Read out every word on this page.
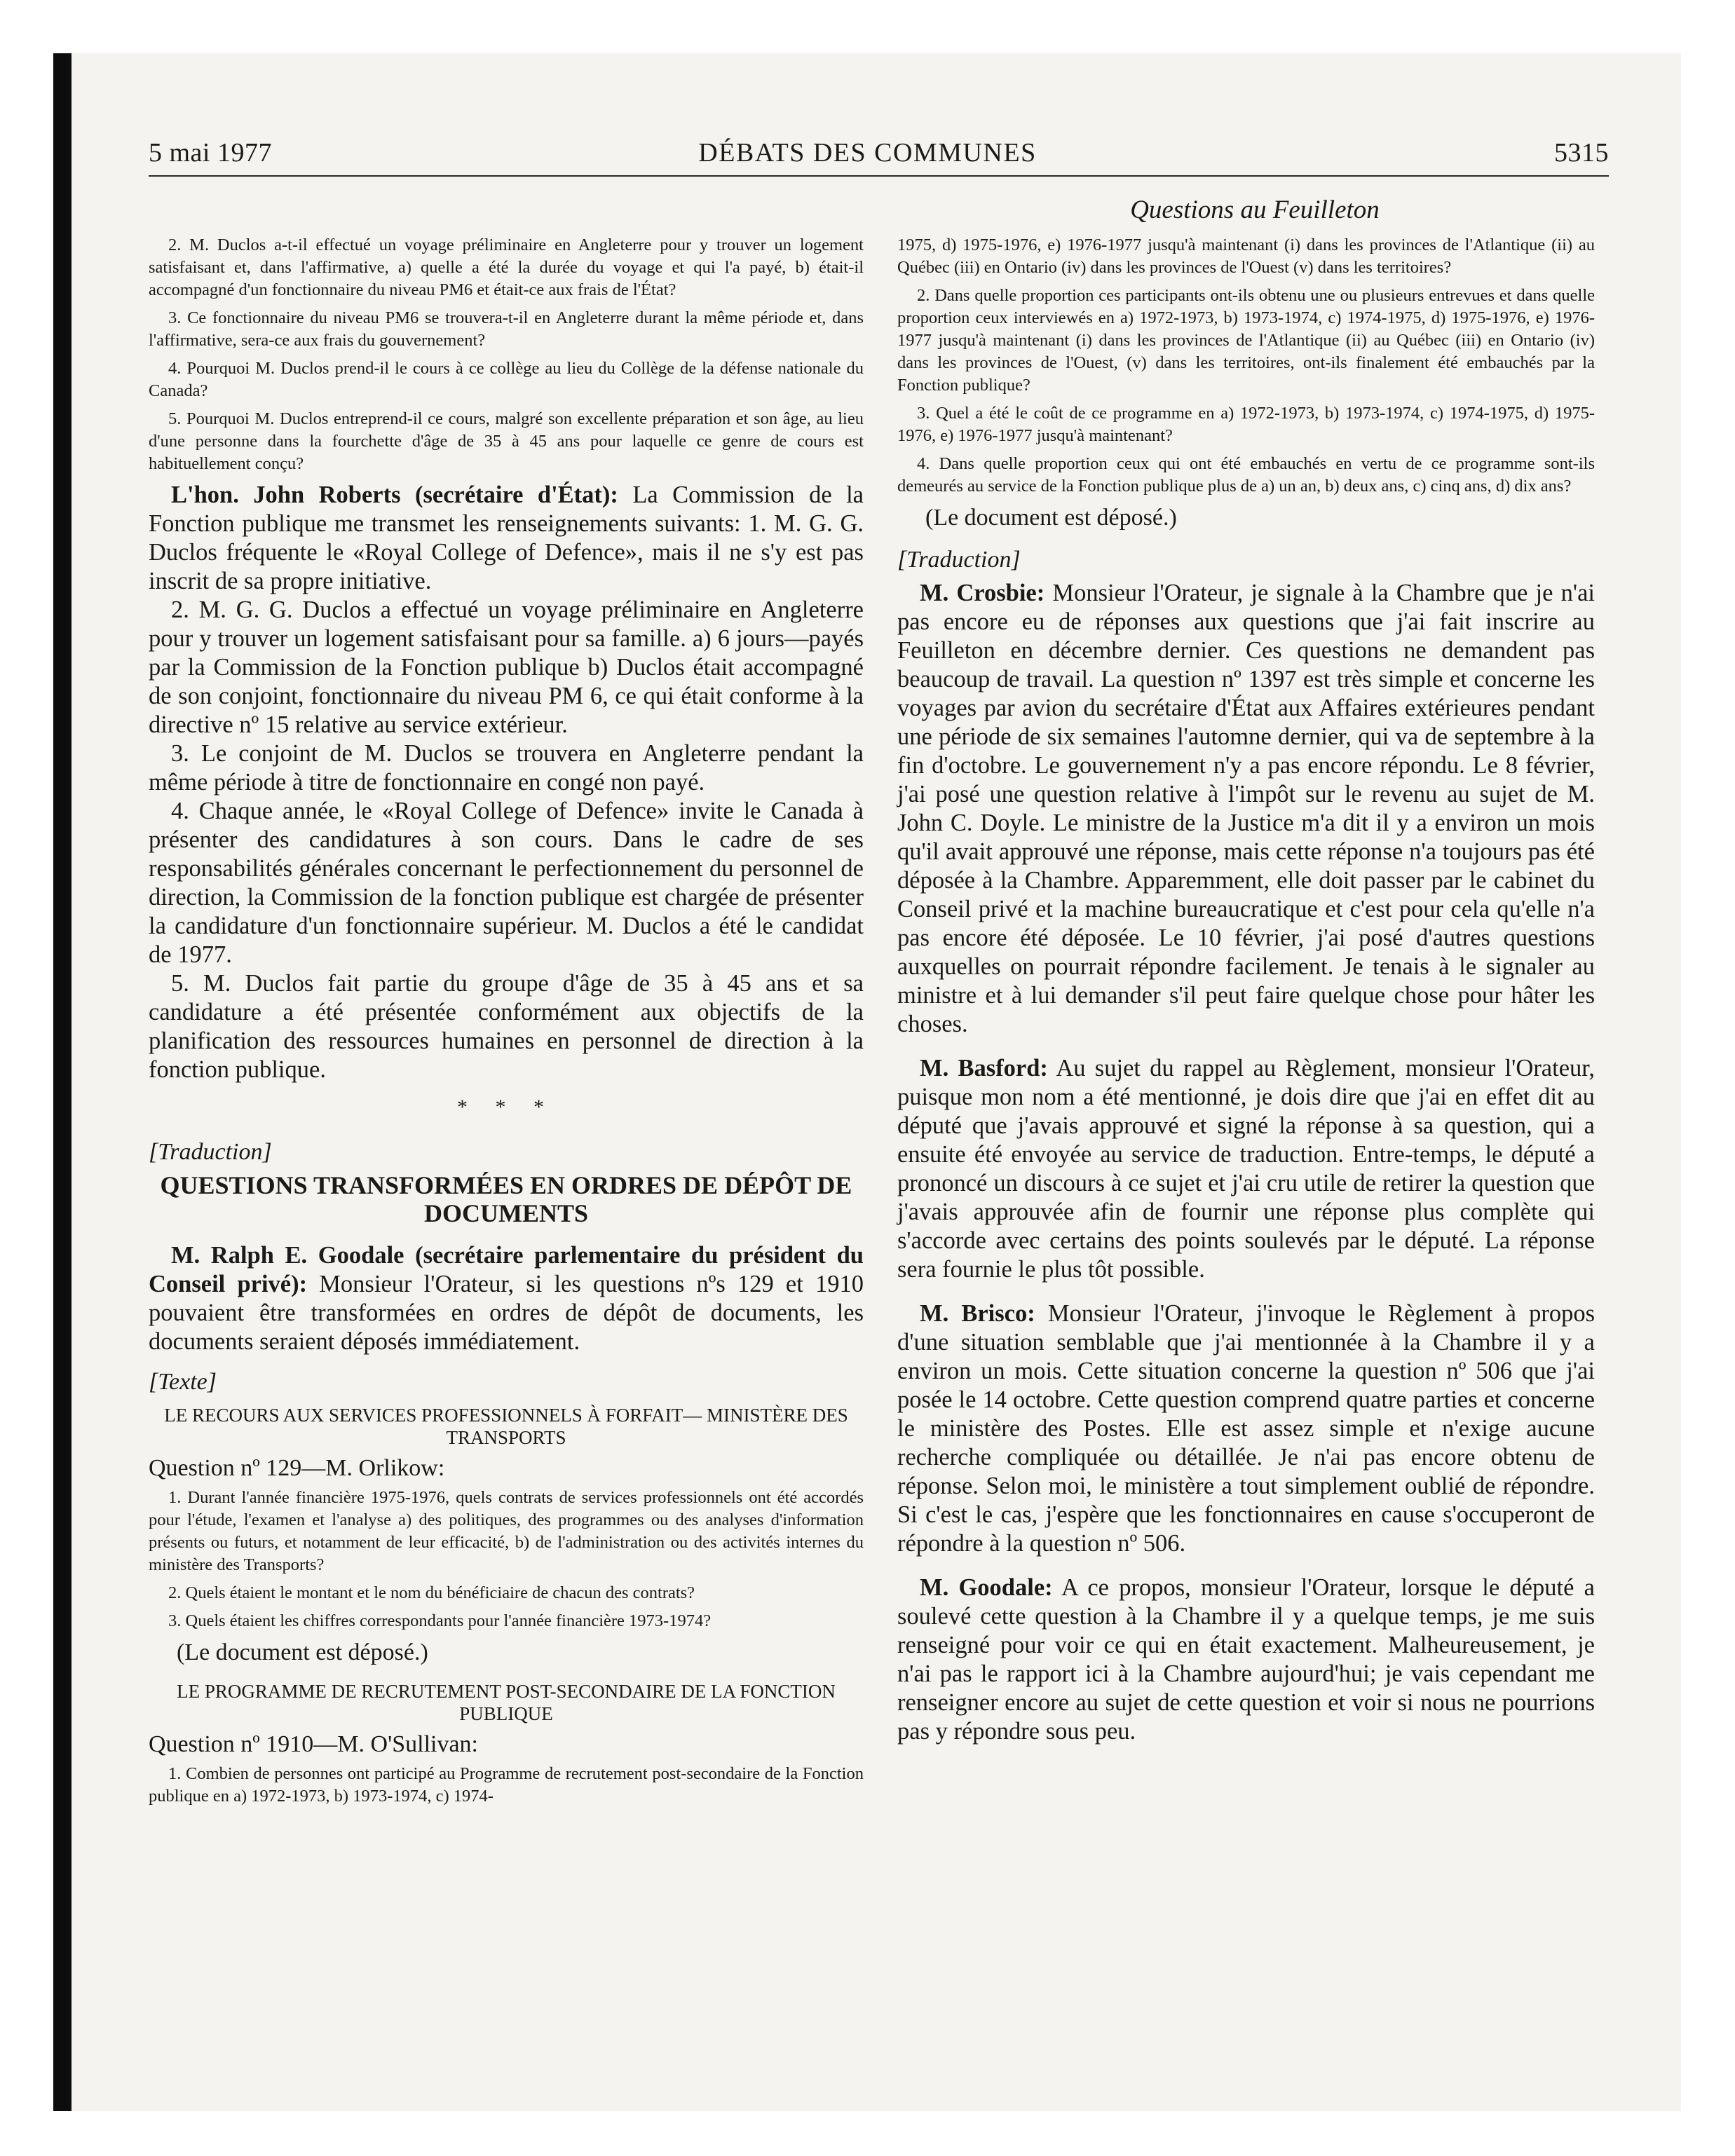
5 mai 1977	DÉBATS DES COMMUNES	5315
Questions au Feuilleton

2. M. Duclos a-t-il effectué un voyage préliminaire en Angleterre pour y trouver un logement satisfaisant et, dans l'affirmative, a) quelle a été la durée du voyage et qui l'a payé, b) était-il accompagné d'un fonctionnaire du niveau PM6 et était-ce aux frais de l'État?

3. Ce fonctionnaire du niveau PM6 se trouvera-t-il en Angleterre durant la même période et, dans l'affirmative, sera-ce aux frais du gouvernement?

4. Pourquoi M. Duclos prend-il le cours à ce collège au lieu du Collège de la défense nationale du Canada?

5. Pourquoi M. Duclos entreprend-il ce cours, malgré son excellente préparation et son âge, au lieu d'une personne dans la fourchette d'âge de 35 à 45 ans pour laquelle ce genre de cours est habituellement conçu?

L'hon. John Roberts (secrétaire d'État): La Commission de la Fonction publique me transmet les renseignements suivants: 1. M. G. G. Duclos fréquente le «Royal College of Defence», mais il ne s'y est pas inscrit de sa propre initiative.

2. M. G. G. Duclos a effectué un voyage préliminaire en Angleterre pour y trouver un logement satisfaisant pour sa famille. a) 6 jours—payés par la Commission de la Fonction publique b) Duclos était accompagné de son conjoint, fonctionnaire du niveau PM 6, ce qui était conforme à la directive nº 15 relative au service extérieur.

3. Le conjoint de M. Duclos se trouvera en Angleterre pendant la même période à titre de fonctionnaire en congé non payé.

4. Chaque année, le «Royal College of Defence» invite le Canada à présenter des candidatures à son cours. Dans le cadre de ses responsabilités générales concernant le perfectionnement du personnel de direction, la Commission de la fonction publique est chargée de présenter la candidature d'un fonctionnaire supérieur. M. Duclos a été le candidat de 1977.

5. M. Duclos fait partie du groupe d'âge de 35 à 45 ans et sa candidature a été présentée conformément aux objectifs de la planification des ressources humaines en personnel de direction à la fonction publique.

* * *

[Traduction]

QUESTIONS TRANSFORMÉES EN ORDRES DE DÉPÔT DE DOCUMENTS

M. Ralph E. Goodale (secrétaire parlementaire du président du Conseil privé): Monsieur l'Orateur, si les questions nºs 129 et 1910 pouvaient être transformées en ordres de dépôt de documents, les documents seraient déposés immédiatement.

[Texte]

LE RECOURS AUX SERVICES PROFESSIONNELS À FORFAIT— MINISTÈRE DES TRANSPORTS

Question nº 129—M. Orlikow:

1. Durant l'année financière 1975-1976, quels contrats de services professionnels ont été accordés pour l'étude, l'examen et l'analyse a) des politiques, des programmes ou des analyses d'information présents ou futurs, et notamment de leur efficacité, b) de l'administration ou des activités internes du ministère des Transports?

2. Quels étaient le montant et le nom du bénéficiaire de chacun des contrats?

3. Quels étaient les chiffres correspondants pour l'année financière 1973-1974?

(Le document est déposé.)

LE PROGRAMME DE RECRUTEMENT POST-SECONDAIRE DE LA FONCTION PUBLIQUE

Question nº 1910—M. O'Sullivan:

1. Combien de personnes ont participé au Programme de recrutement post-secondaire de la Fonction publique en a) 1972-1973, b) 1973-1974, c) 1974-

1975, d) 1975-1976, e) 1976-1977 jusqu'à maintenant (i) dans les provinces de l'Atlantique (ii) au Québec (iii) en Ontario (iv) dans les provinces de l'Ouest (v) dans les territoires?

2. Dans quelle proportion ces participants ont-ils obtenu une ou plusieurs entrevues et dans quelle proportion ceux interviewés en a) 1972-1973, b) 1973-1974, c) 1974-1975, d) 1975-1976, e) 1976-1977 jusqu'à maintenant (i) dans les provinces de l'Atlantique (ii) au Québec (iii) en Ontario (iv) dans les provinces de l'Ouest, (v) dans les territoires, ont-ils finalement été embauchés par la Fonction publique?

3. Quel a été le coût de ce programme en a) 1972-1973, b) 1973-1974, c) 1974-1975, d) 1975-1976, e) 1976-1977 jusqu'à maintenant?

4. Dans quelle proportion ceux qui ont été embauchés en vertu de ce programme sont-ils demeurés au service de la Fonction publique plus de a) un an, b) deux ans, c) cinq ans, d) dix ans?

(Le document est déposé.)

[Traduction]

M. Crosbie: Monsieur l'Orateur, je signale à la Chambre que je n'ai pas encore eu de réponses aux questions que j'ai fait inscrire au Feuilleton en décembre dernier. Ces questions ne demandent pas beaucoup de travail. La question nº 1397 est très simple et concerne les voyages par avion du secrétaire d'État aux Affaires extérieures pendant une période de six semaines l'automne dernier, qui va de septembre à la fin d'octobre. Le gouvernement n'y a pas encore répondu. Le 8 février, j'ai posé une question relative à l'impôt sur le revenu au sujet de M. John C. Doyle. Le ministre de la Justice m'a dit il y a environ un mois qu'il avait approuvé une réponse, mais cette réponse n'a toujours pas été déposée à la Chambre. Apparemment, elle doit passer par le cabinet du Conseil privé et la machine bureaucratique et c'est pour cela qu'elle n'a pas encore été déposée. Le 10 février, j'ai posé d'autres questions auxquelles on pourrait répondre facilement. Je tenais à le signaler au ministre et à lui demander s'il peut faire quelque chose pour hâter les choses.

M. Basford: Au sujet du rappel au Règlement, monsieur l'Orateur, puisque mon nom a été mentionné, je dois dire que j'ai en effet dit au député que j'avais approuvé et signé la réponse à sa question, qui a ensuite été envoyée au service de traduction. Entre-temps, le député a prononcé un discours à ce sujet et j'ai cru utile de retirer la question que j'avais approuvée afin de fournir une réponse plus complète qui s'accorde avec certains des points soulevés par le député. La réponse sera fournie le plus tôt possible.

M. Brisco: Monsieur l'Orateur, j'invoque le Règlement à propos d'une situation semblable que j'ai mentionnée à la Chambre il y a environ un mois. Cette situation concerne la question nº 506 que j'ai posée le 14 octobre. Cette question comprend quatre parties et concerne le ministère des Postes. Elle est assez simple et n'exige aucune recherche compliquée ou détaillée. Je n'ai pas encore obtenu de réponse. Selon moi, le ministère a tout simplement oublié de répondre. Si c'est le cas, j'espère que les fonctionnaires en cause s'occuperont de répondre à la question nº 506.

M. Goodale: A ce propos, monsieur l'Orateur, lorsque le député a soulevé cette question à la Chambre il y a quelque temps, je me suis renseigné pour voir ce qui en était exactement. Malheureusement, je n'ai pas le rapport ici à la Chambre aujourd'hui; je vais cependant me renseigner encore au sujet de cette question et voir si nous ne pourrions pas y répondre sous peu.
